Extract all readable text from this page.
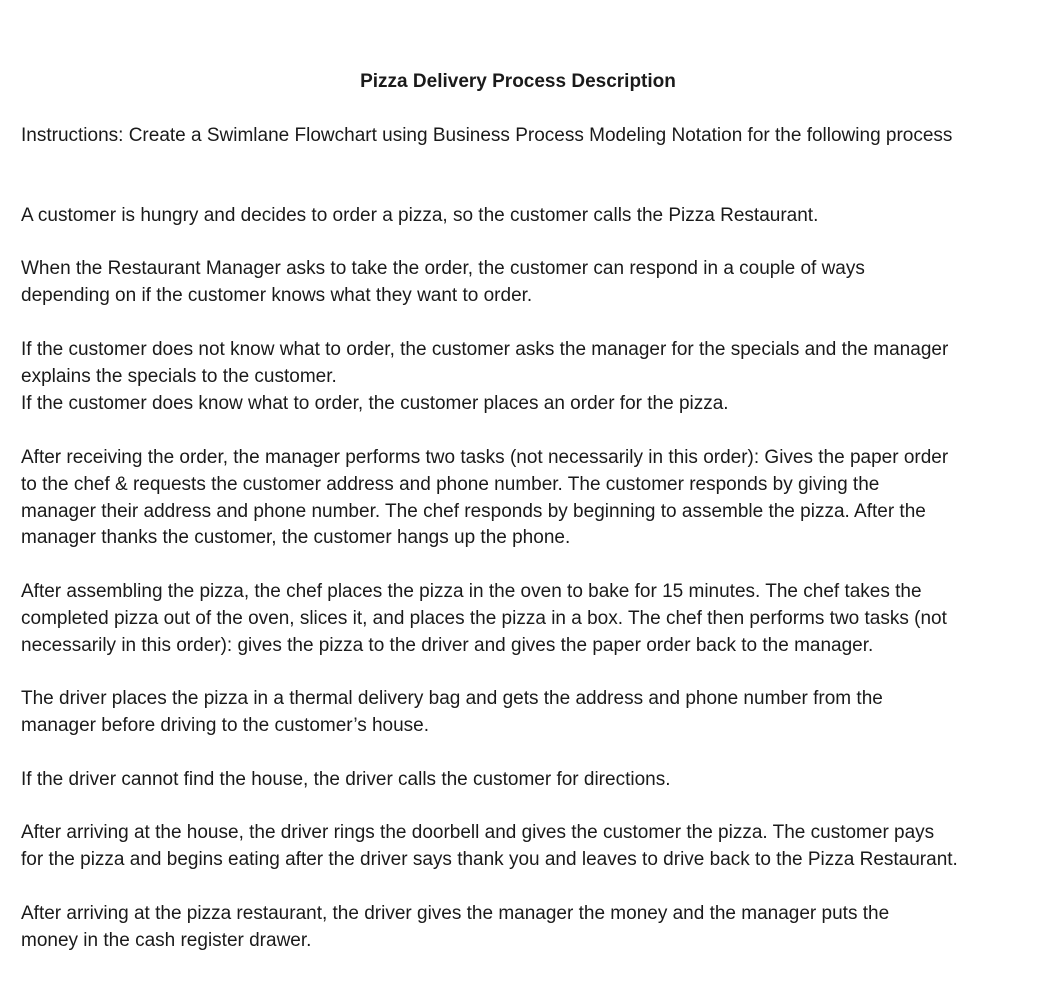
Pizza Delivery Process Description
Instructions: Create a Swimlane Flowchart using Business Process Modeling Notation for the following process
A customer is hungry and decides to order a pizza, so the customer calls the Pizza Restaurant.
When the Restaurant Manager asks to take the order, the customer can respond in a couple of ways
depending on if the customer knows what they want to order.
If the customer does not know what to order, the customer asks the manager for the specials and the manager
explains the specials to the customer.
If the customer does know what to order, the customer places an order for the pizza.
After receiving the order, the manager performs two tasks (not necessarily in this order): Gives the paper order
to the chef & requests the customer address and phone number. The customer responds by giving the
manager their address and phone number. The chef responds by beginning to assemble the pizza. After the
manager thanks the customer, the customer hangs up the phone.
After assembling the pizza, the chef places the pizza in the oven to bake for 15 minutes. The chef takes the
completed pizza out of the oven, slices it, and places the pizza in a box. The chef then performs two tasks (not
necessarily in this order): gives the pizza to the driver and gives the paper order back to the manager.
The driver places the pizza in a thermal delivery bag and gets the address and phone number from the
manager before driving to the customer’s house.
If the driver cannot find the house, the driver calls the customer for directions.
After arriving at the house, the driver rings the doorbell and gives the customer the pizza. The customer pays
for the pizza and begins eating after the driver says thank you and leaves to drive back to the Pizza Restaurant.
After arriving at the pizza restaurant, the driver gives the manager the money and the manager puts the
money in the cash register drawer.
